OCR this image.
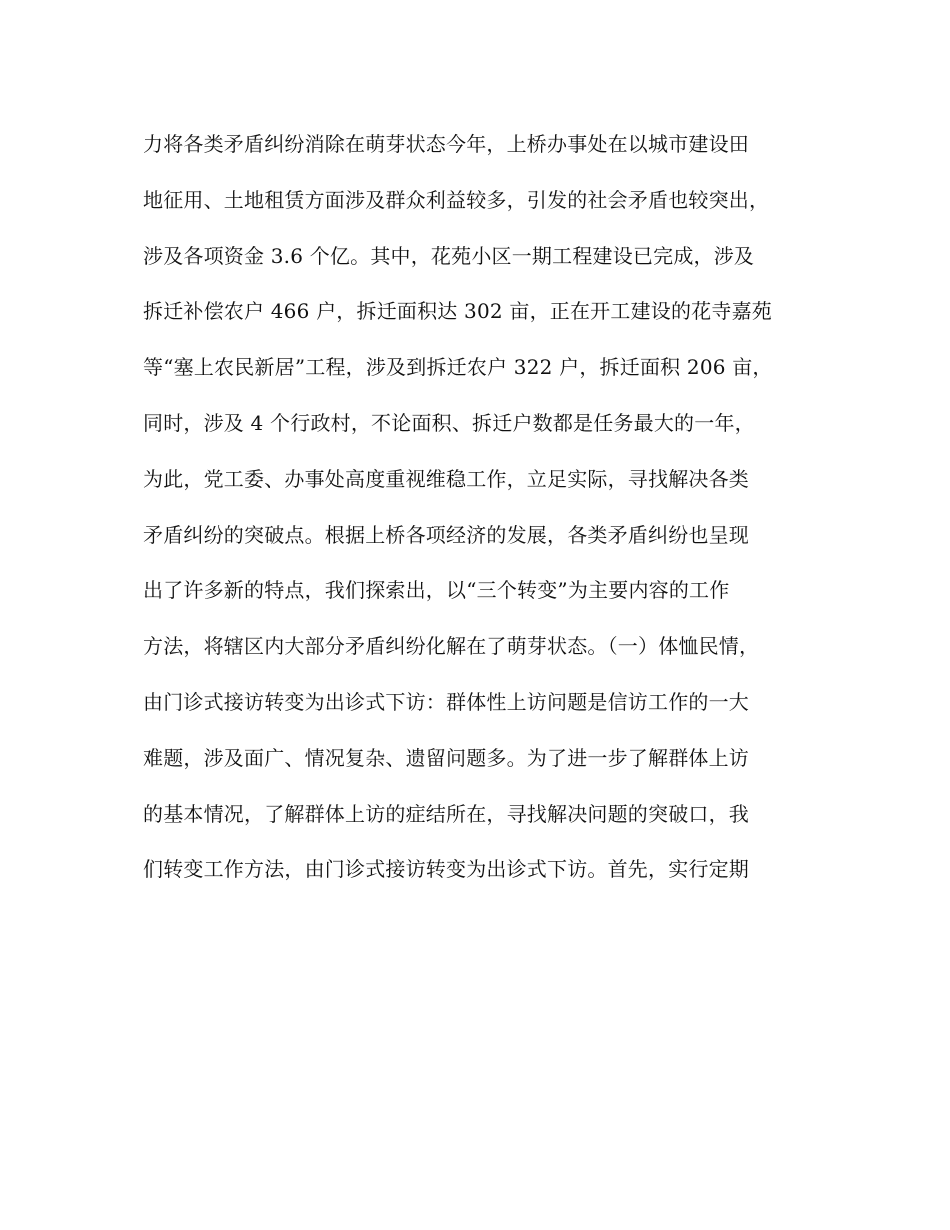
力将各类矛盾纠纷消除在萌芽状态今年，上桥办事处在以城市建设田
地征用、土地租赁方面涉及群众利益较多，引发的社会矛盾也较突出，
涉及各项资金 3.6 个亿。其中，花苑小区一期工程建设已完成，涉及
拆迁补偿农户 466 户，拆迁面积达 302 亩，正在开工建设的花寺嘉苑
等“塞上农民新居”工程，涉及到拆迁农户 322 户，拆迁面积 206 亩，
同时，涉及 4 个行政村，不论面积、拆迁户数都是任务最大的一年，
为此，党工委、办事处高度重视维稳工作，立足实际，寻找解决各类
矛盾纠纷的突破点。根据上桥各项经济的发展，各类矛盾纠纷也呈现
出了许多新的特点，我们探索出，以“三个转变”为主要内容的工作
方法，将辖区内大部分矛盾纠纷化解在了萌芽状态。（一）体恤民情，
由门诊式接访转变为出诊式下访：群体性上访问题是信访工作的一大
难题，涉及面广、情况复杂、遗留问题多。为了进一步了解群体上访
的基本情况，了解群体上访的症结所在，寻找解决问题的突破口，我
们转变工作方法，由门诊式接访转变为出诊式下访。首先，实行定期
